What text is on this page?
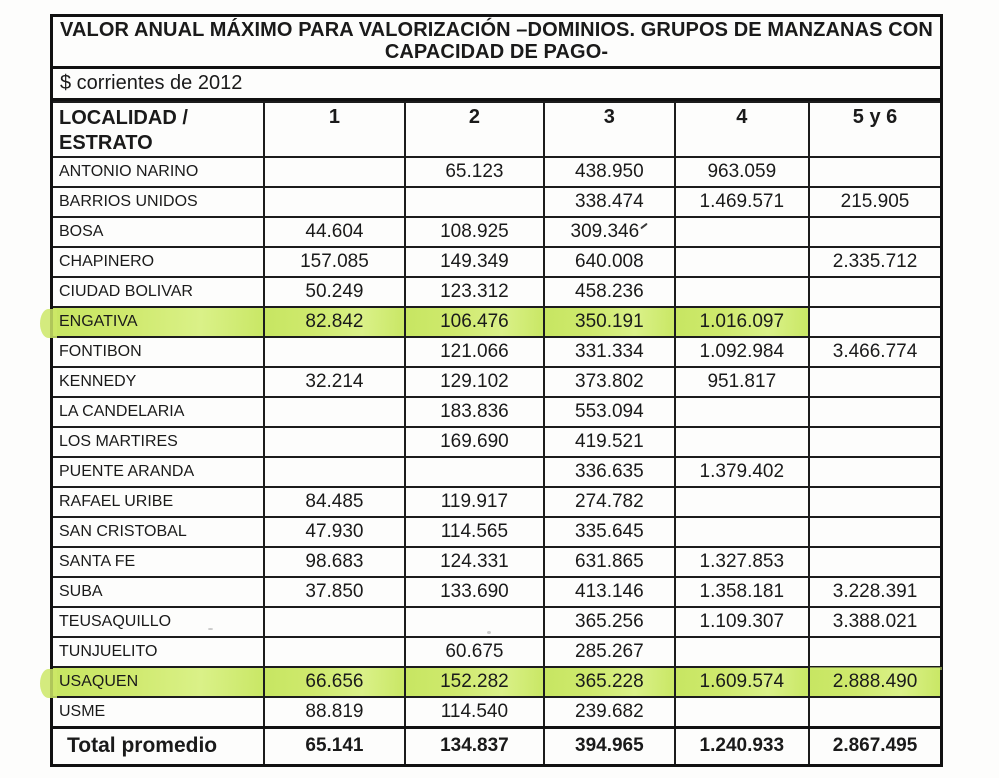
VALOR ANUAL MÁXIMO PARA VALORIZACIÓN –DOMINIOS. GRUPOS DE MANZANAS CON
CAPACIDAD DE PAGO-
$ corrientes de 2012
LOCALIDAD / ESTRATO	1	2	3	4	5 y 6
ANTONIO NARINO		65.123	438.950	963.059	
BARRIOS UNIDOS			338.474	1.469.571	215.905
BOSA	44.604	108.925	309.346		
CHAPINERO	157.085	149.349	640.008		2.335.712
CIUDAD BOLIVAR	50.249	123.312	458.236		
ENGATIVA	82.842	106.476	350.191	1.016.097	
FONTIBON		121.066	331.334	1.092.984	3.466.774
KENNEDY	32.214	129.102	373.802	951.817	
LA CANDELARIA		183.836	553.094		
LOS MARTIRES		169.690	419.521		
PUENTE ARANDA			336.635	1.379.402	
RAFAEL URIBE	84.485	119.917	274.782		
SAN CRISTOBAL	47.930	114.565	335.645		
SANTA FE	98.683	124.331	631.865	1.327.853	
SUBA	37.850	133.690	413.146	1.358.181	3.228.391
TEUSAQUILLO			365.256	1.109.307	3.388.021
TUNJUELITO		60.675	285.267		
USAQUEN	66.656	152.282	365.228	1.609.574	2.888.490
USME	88.819	114.540	239.682		
Total promedio	65.141	134.837	394.965	1.240.933	2.867.495
